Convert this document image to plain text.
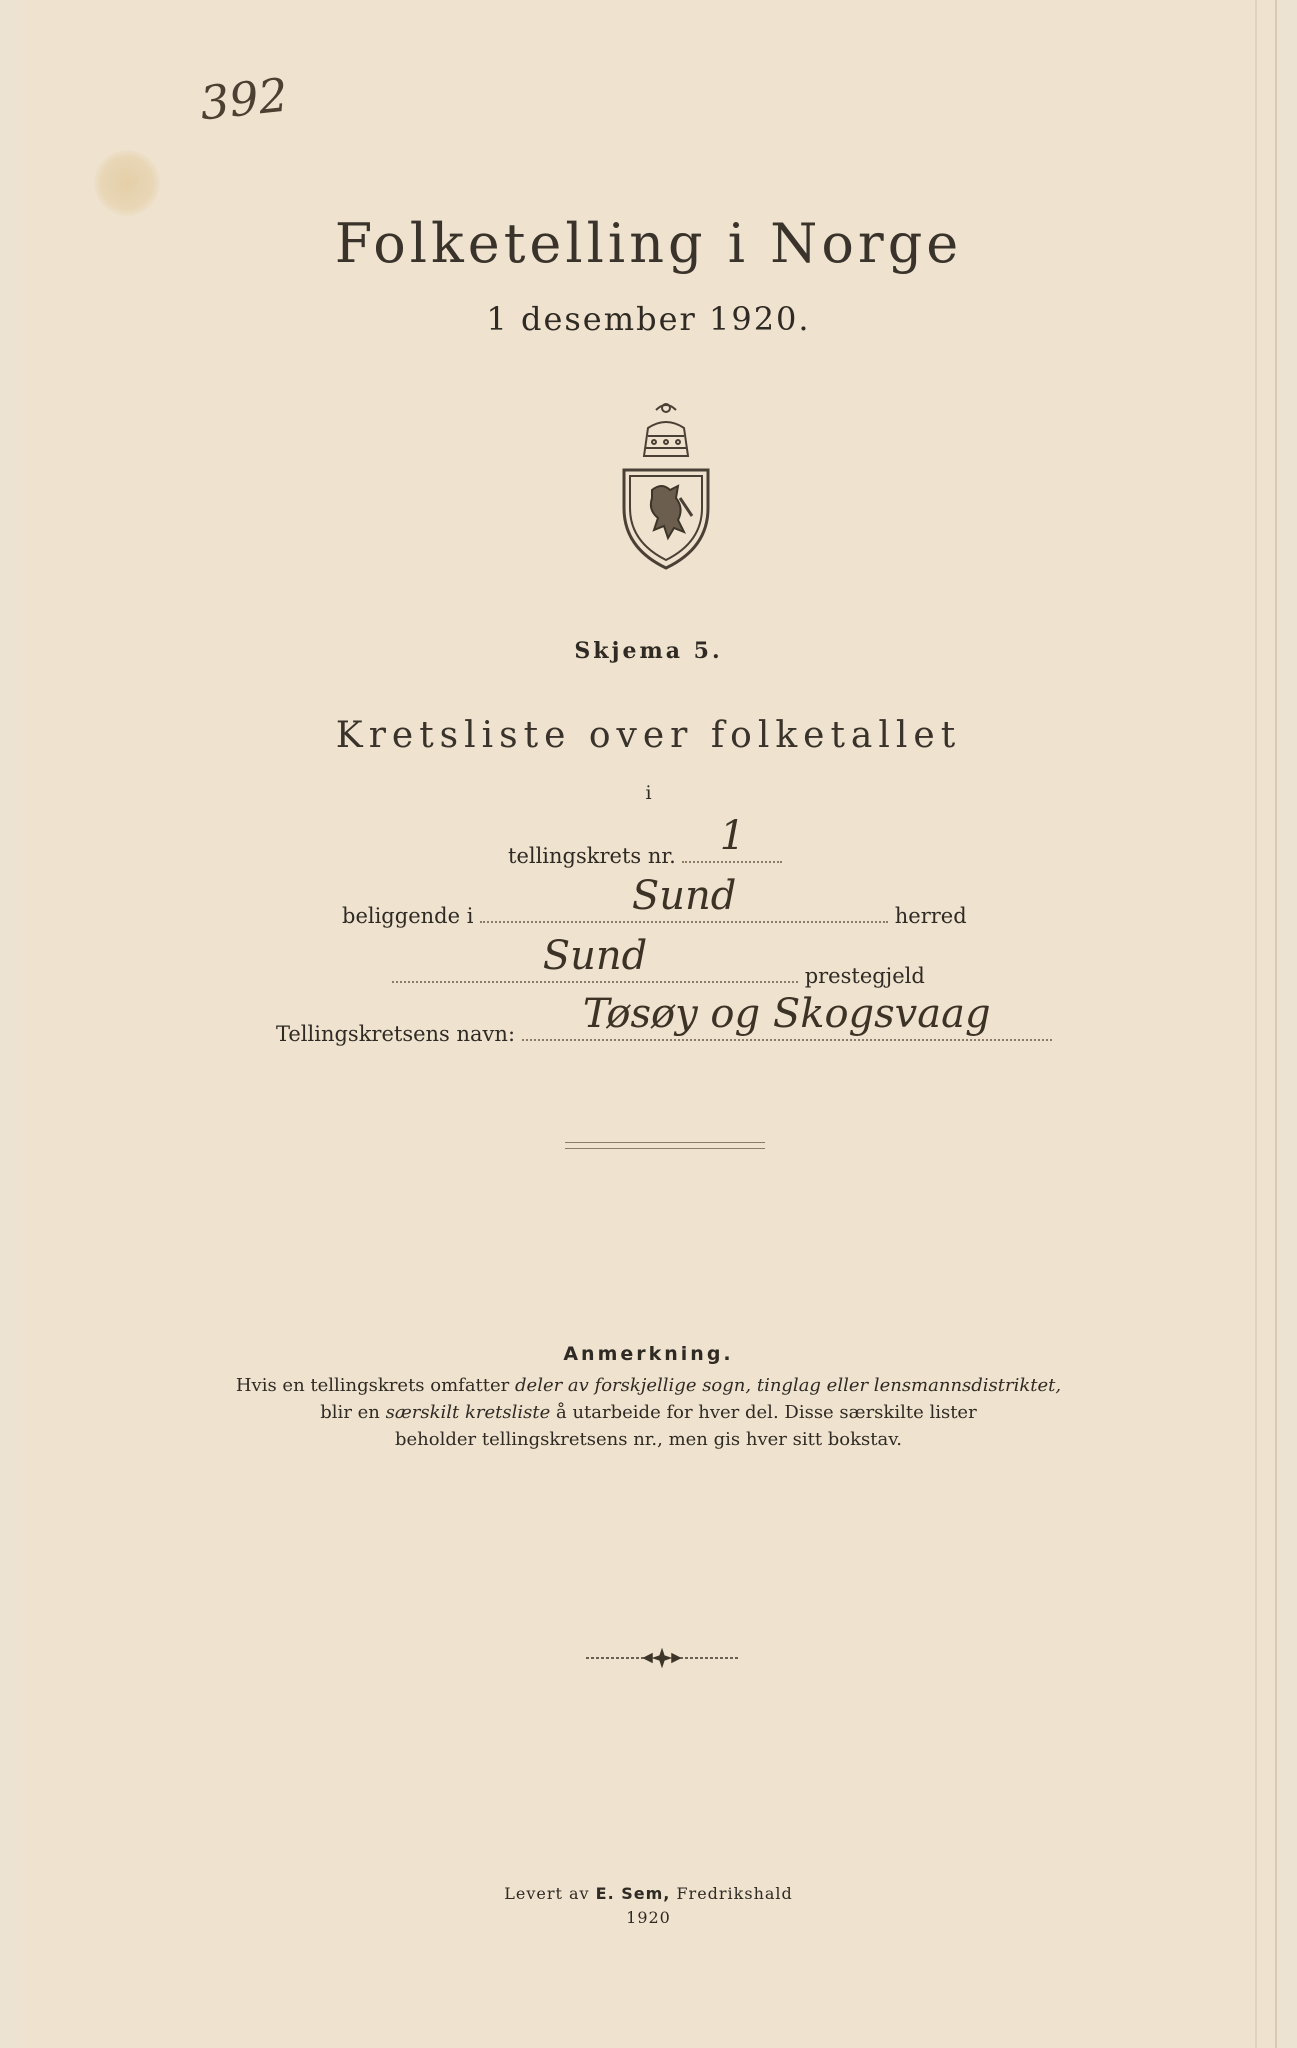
392
Folketelling i Norge
1 desember 1920.
Skjema 5.
Kretsliste over folketallet
i
tellingskrets nr.	1
beliggende i	Sund	herred
Sund	prestegjeld
Tellingskretsens navn:	Tøsøy og Skogsvaag
Anmerkning.
Hvis en tellingskrets omfatter deler av forskjellige sogn, tinglag eller lensmannsdistriktet,
blir en særskilt kretsliste å utarbeide for hver del. Disse særskilte lister
beholder tellingskretsens nr., men gis hver sitt bokstav.
Levert av E. Sem, Fredrikshald
1920
